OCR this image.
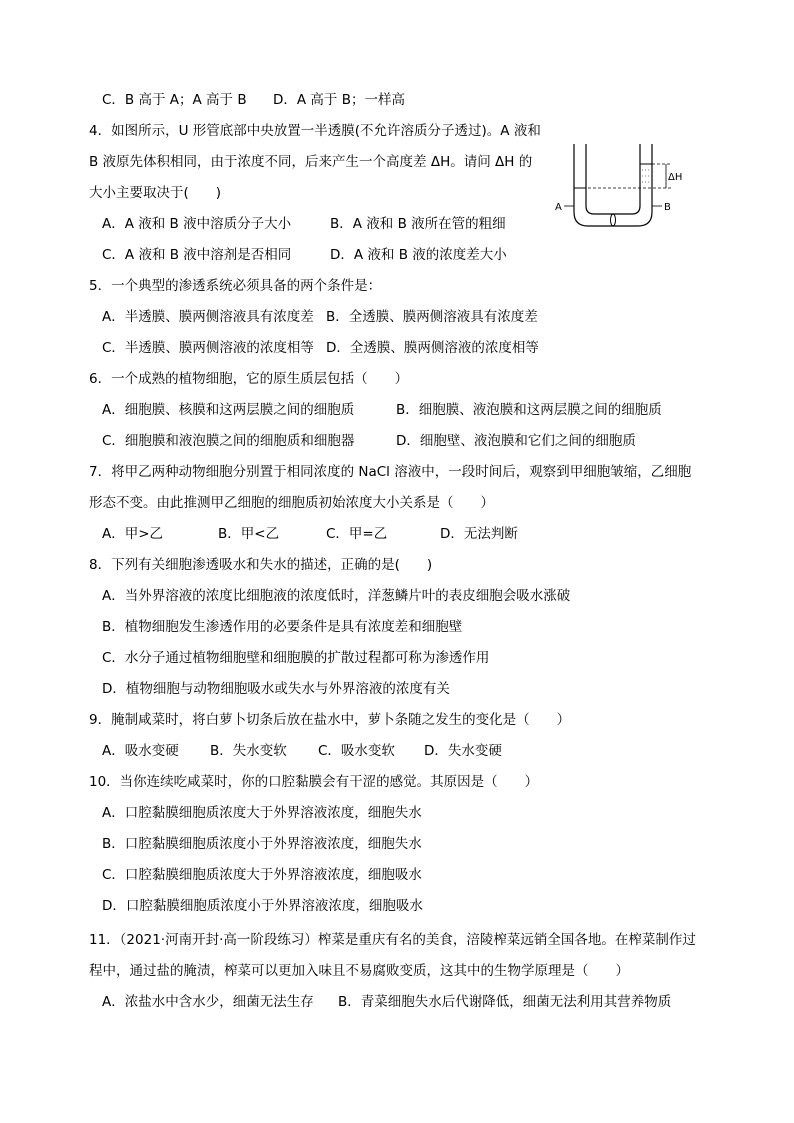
C．B 高于 A；A 高于 B D．A 高于 B；一样高
4．如图所示，U 形管底部中央放置一半透膜(不允许溶质分子透过)。A 液和
B 液原先体积相同，由于浓度不同，后来产生一个高度差 ΔH。请问 ΔH 的
大小主要取决于(　　)
A．A 液和 B 液中溶质分子大小	B．A 液和 B 液所在管的粗细
C．A 液和 B 液中溶剂是否相同	D．A 液和 B 液的浓度差大小
ΔH
A	B
5．一个典型的渗透系统必须具备的两个条件是：
A．半透膜、膜两侧溶液具有浓度差 B．全透膜、膜两侧溶液具有浓度差
C．半透膜、膜两侧溶液的浓度相等 D．全透膜、膜两侧溶液的浓度相等
6．一个成熟的植物细胞，它的原生质层包括（　　）
A．细胞膜、核膜和这两层膜之间的细胞质	B．细胞膜、液泡膜和这两层膜之间的细胞质
C．细胞膜和液泡膜之间的细胞质和细胞器	D．细胞壁、液泡膜和它们之间的细胞质
7．将甲乙两种动物细胞分别置于相同浓度的 NaCl 溶液中，一段时间后，观察到甲细胞皱缩，乙细胞
形态不变。由此推测甲乙细胞的细胞质初始浓度大小关系是（　　）
A．甲>乙	B．甲<乙	C．甲=乙	D．无法判断
8．下列有关细胞渗透吸水和失水的描述，正确的是(　　)
A．当外界溶液的浓度比细胞液的浓度低时，洋葱鳞片叶的表皮细胞会吸水涨破
B．植物细胞发生渗透作用的必要条件是具有浓度差和细胞壁
C．水分子通过植物细胞壁和细胞膜的扩散过程都可称为渗透作用
D．植物细胞与动物细胞吸水或失水与外界溶液的浓度有关
9．腌制咸菜时，将白萝卜切条后放在盐水中，萝卜条随之发生的变化是（　　）
A．吸水变硬 B．失水变软 C．吸水变软 D．失水变硬
10．当你连续吃咸菜时，你的口腔黏膜会有干涩的感觉。其原因是（　　）
A．口腔黏膜细胞质浓度大于外界溶液浓度，细胞失水
B．口腔黏膜细胞质浓度小于外界溶液浓度，细胞失水
C．口腔黏膜细胞质浓度大于外界溶液浓度，细胞吸水
D．口腔黏膜细胞质浓度小于外界溶液浓度，细胞吸水
11．（2021·河南开封·高一阶段练习）榨菜是重庆有名的美食，涪陵榨菜远销全国各地。在榨菜制作过
程中，通过盐的腌渍，榨菜可以更加入味且不易腐败变质，这其中的生物学原理是（　　）
A．浓盐水中含水少，细菌无法生存 B．青菜细胞失水后代谢降低，细菌无法利用其营养物质
